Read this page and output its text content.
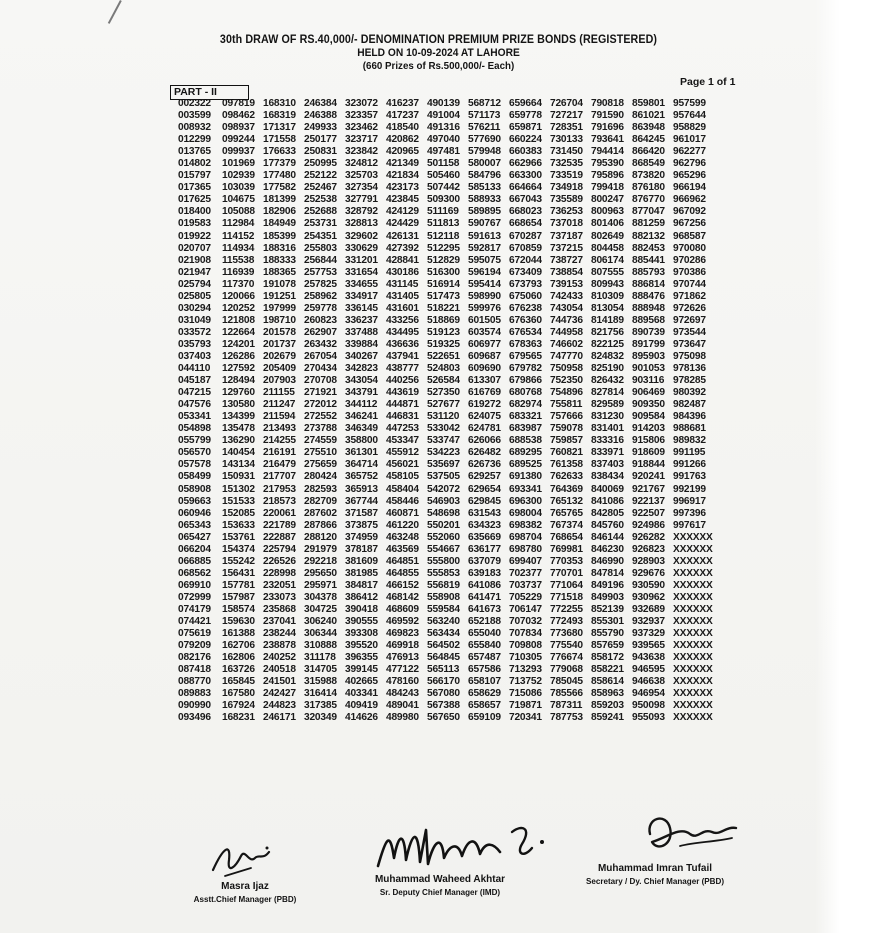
30th DRAW OF RS.40,000/- DENOMINATION PREMIUM PRIZE BONDS (REGISTERED)
HELD ON 10-09-2024 AT LAHORE
(660 Prizes of Rs.500,000/- Each)
PART - II
Page 1 of 1
002322	097819	168310	246384	323072	416237	490139	568712	659664	726704	790818	859801	957599
003599	098462	168319	246388	323357	417237	491004	571173	659778	727217	791590	861021	957644
008932	098937	171317	249933	323462	418540	491316	576211	659871	728351	791696	863948	958829
012299	099244	171558	250177	323717	420862	497040	577690	660224	730133	793641	864245	961017
013765	099937	176633	250831	323842	420965	497481	579948	660383	731450	794414	866420	962277
014802	101969	177379	250995	324812	421349	501158	580007	662966	732535	795390	868549	962796
015797	102939	177480	252122	325703	421834	505460	584796	663300	733519	795896	873820	965296
017365	103039	177582	252467	327354	423173	507442	585133	664664	734918	799418	876180	966194
017625	104675	181399	252538	327791	423845	509300	588933	667043	735589	800247	876770	966962
018400	105088	182906	252688	328792	424129	511169	589895	668023	736253	800963	877047	967092
019583	112984	184949	253731	328813	424429	511813	590767	668654	737018	801406	881259	967256
019922	114152	185399	254351	329602	426131	512118	591613	670287	737187	802649	882132	968587
020707	114934	188316	255803	330629	427392	512295	592817	670859	737215	804458	882453	970080
021908	115538	188333	256844	331201	428841	512829	595075	672044	738727	806174	885441	970286
021947	116939	188365	257753	331654	430186	516300	596194	673409	738854	807555	885793	970386
025794	117370	191078	257825	334655	431145	516914	595414	673793	739153	809943	886814	970744
025805	120066	191251	258962	334917	431405	517473	598990	675060	742433	810309	888476	971862
030294	120252	197999	259778	336145	431601	518221	599976	676238	743054	813054	888948	972626
031049	121808	198710	260823	336237	433256	518869	601505	676360	744736	814189	889568	972697
033572	122664	201578	262907	337488	434495	519123	603574	676534	744958	821756	890739	973544
035793	124201	201737	263432	339884	436636	519325	606977	678363	746602	822125	891799	973647
037403	126286	202679	267054	340267	437941	522651	609687	679565	747770	824832	895903	975098
044110	127592	205409	270434	342823	438777	524803	609690	679782	750958	825190	901053	978136
045187	128494	207903	270708	343054	440256	526584	613307	679866	752350	826432	903116	978285
047215	129760	211155	271921	343791	443619	527350	616769	680768	754896	827814	906469	980392
047576	130580	211247	272012	344112	444871	527677	619272	682974	755811	829589	909350	982487
053341	134399	211594	272552	346241	446831	531120	624075	683321	757666	831230	909584	984396
054898	135478	213493	273788	346349	447253	533042	624781	683987	759078	831401	914203	988681
055799	136290	214255	274559	358800	453347	533747	626066	688538	759857	833316	915806	989832
056570	140454	216191	275510	361301	455912	534223	626482	689295	760821	833971	918609	991195
057578	143134	216479	275659	364714	456021	535697	626736	689525	761358	837403	918844	991266
058499	150931	217707	280424	365752	458105	537505	629257	691380	762633	838434	920241	991763
058908	151302	217953	282593	365913	458404	542072	629654	693341	764369	840069	921767	992199
059663	151533	218573	282709	367744	458446	546903	629845	696300	765132	841086	922137	996917
060946	152085	220061	287602	371587	460871	548698	631543	698004	765765	842805	922507	997396
065343	153633	221789	287866	373875	461220	550201	634323	698382	767374	845760	924986	997617
065427	153761	222887	288120	374959	463248	552060	635669	698704	768654	846144	926282	XXXXXX
066204	154374	225794	291979	378187	463569	554667	636177	698780	769981	846230	926823	XXXXXX
066885	155242	226526	292218	381609	464851	555800	637079	699407	770353	846990	928903	XXXXXX
068562	156431	228998	295650	381985	464855	555853	639183	702377	770701	847814	929676	XXXXXX
069910	157781	232051	295971	384817	466152	556819	641086	703737	771064	849196	930590	XXXXXX
072999	157987	233073	304378	386412	468142	558908	641471	705229	771518	849903	930962	XXXXXX
074179	158574	235868	304725	390418	468609	559584	641673	706147	772255	852139	932689	XXXXXX
074421	159630	237041	306240	390555	469592	563240	652188	707032	772493	855301	932937	XXXXXX
075619	161388	238244	306344	393308	469823	563434	655040	707834	773680	855790	937329	XXXXXX
079209	162706	238878	310888	395520	469918	564502	655840	709808	775540	857659	939565	XXXXXX
082176	162806	240252	311178	396355	476913	564845	657487	710305	776674	858172	943638	XXXXXX
087418	163726	240518	314705	399145	477122	565113	657586	713293	779068	858221	946595	XXXXXX
088770	165845	241501	315988	402665	478160	566170	658107	713752	785045	858614	946638	XXXXXX
089883	167580	242427	316414	403341	484243	567080	658629	715086	785566	858963	946954	XXXXXX
090990	167924	244823	317385	409419	489041	567388	658657	719871	787311	859203	950098	XXXXXX
093496	168231	246171	320349	414626	489980	567650	659109	720341	787753	859241	955093	XXXXXX
Masra Ijaz
Asstt.Chief Manager (PBD)
Muhammad Waheed Akhtar
Sr. Deputy Chief Manager (IMD)
Muhammad Imran Tufail
Secretary / Dy. Chief Manager (PBD)
